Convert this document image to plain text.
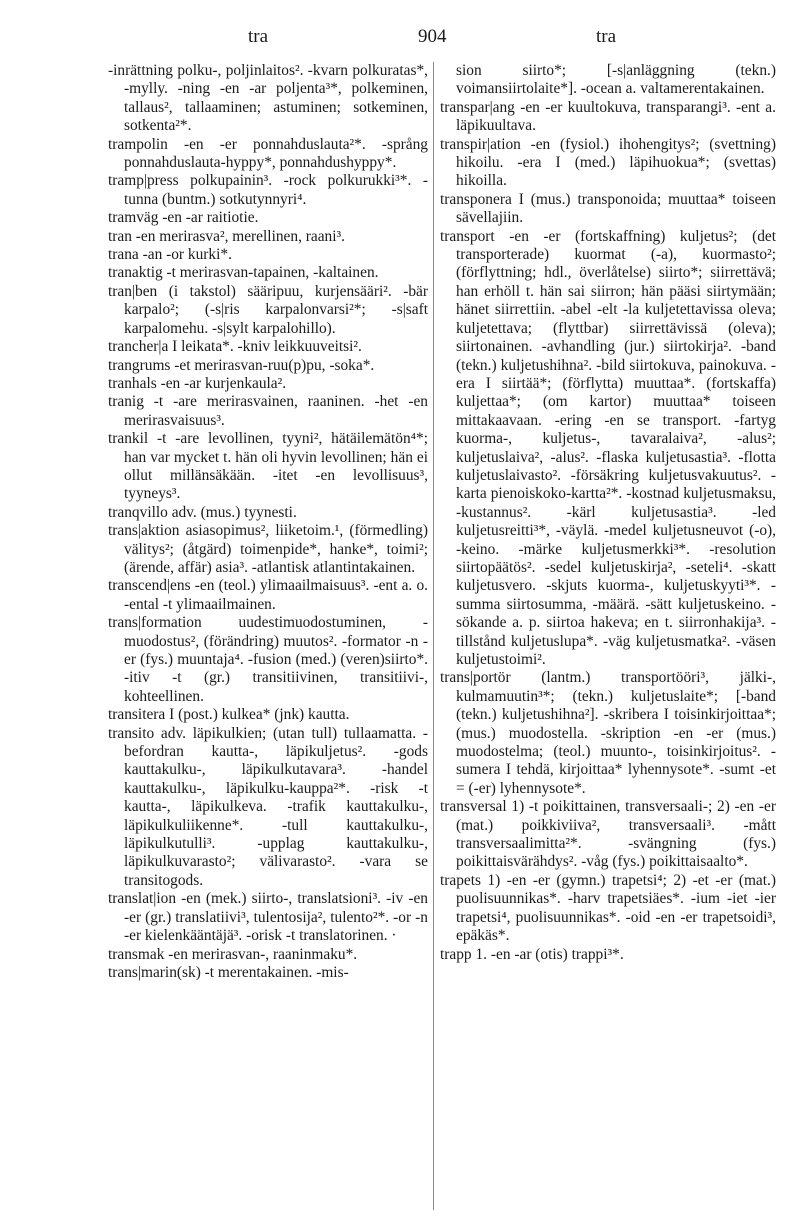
tra	904	tra

-inrättning polku-, poljinlaitos². -kvarn polkuratas*, -mylly. -ning -en -ar poljenta³*, polkeminen, tallaus², tallaaminen; astuminen; sotkeminen, sotkenta²*.

trampolin -en -er ponnahduslauta²*. -språng ponnahduslauta-hyppy*, ponnahdushyppy*.

tramp|press polkupainin³. -rock polkurukki³*. -tunna (buntm.) sotkutynnyri⁴.

tramväg -en -ar raitiotie.

tran -en merirasva², merellinen, raani³.

trana -an -or kurki*.

tranaktig -t merirasvan-tapainen, -kaltainen.

tran|ben (i takstol) sääripuu, kurjensääri². -bär karpalo²; (-s|ris karpalonvarsi²*; -s|saft karpalomehu. -s|sylt karpalohillo).

trancher|a I leikata*. -kniv leikkuuveitsi².

trangrums -et merirasvan-ruu(p)pu, -soka*.

tranhals -en -ar kurjenkaula².

tranig -t -are merirasvainen, raaninen. -het -en merirasvaisuus³.

trankil -t -are levollinen, tyyni², hätäilemätön⁴*; han var mycket t. hän oli hyvin levollinen; hän ei ollut millänsäkään. -itet -en levollisuus³, tyyneys³.

tranqvillo adv. (mus.) tyynesti.

trans|aktion asiasopimus², liiketoim.¹, (förmedling) välitys²; (åtgärd) toimenpide*, hanke*, toimi²; (ärende, affär) asia³. -atlantisk atlantintakainen.

transcend|ens -en (teol.) ylimaailmaisuus³. -ent a. o. -ental -t ylimaailmainen.

trans|formation uudestimuodostuminen, -muodostus², (förändring) muutos². -formator -n -er (fys.) muuntaja⁴. -fusion (med.) (veren)siirto*. -itiv -t (gr.) transitiivinen, transitiivi-, kohteellinen.

transitera I (post.) kulkea* (jnk) kautta.

transito adv. läpikulkien; (utan tull) tullaamatta. -befordran kautta-, läpikuljetus². -gods kauttakulku-, läpikulkutavara³. -handel kauttakulku-, läpikulku-kauppa²*. -risk -t kautta-, läpikulkeva. -trafik kauttakulku-, läpikulkuliikenne*. -tull kauttakulku-, läpikulkutulli³. -upplag kauttakulku-, läpikulkuvarasto²; välivarasto². -vara se transitogods.

translat|ion -en (mek.) siirto-, translatsioni³. -iv -en -er (gr.) translatiivi³, tulentosija², tulento²*. -or -n -er kielenkääntäjä³. -orisk -t translatorinen. ·

transmak -en merirasvan-, raaninmaku*.

trans|marin(sk) -t merentakainen. -mis-

sion siirto*; [-s|anläggning (tekn.) voimansiirtolaite*]. -ocean a. valtamerentakainen.

transpar|ang -en -er kuultokuva, transparangi³. -ent a. läpikuultava.

transpir|ation -en (fysiol.) ihohengitys²; (svettning) hikoilu. -era I (med.) läpihuokua*; (svettas) hikoilla.

transponera I (mus.) transponoida; muuttaa* toiseen sävellajiin.

transport -en -er (fortskaffning) kuljetus²; (det transporterade) kuormat (-a), kuormasto²; (förflyttning; hdl., överlåtelse) siirto*; siirrettävä; han erhöll t. hän sai siirron; hän pääsi siirtymään; hänet siirrettiin. -abel -elt -la kuljetettavissa oleva; kuljetettava; (flyttbar) siirrettävissä (oleva); siirtonainen. -avhandling (jur.) siirtokirja². -band (tekn.) kuljetushihna². -bild siirtokuva, painokuva. -era I siirtää*; (förflytta) muuttaa*. (fortskaffa) kuljettaa*; (om kartor) muuttaa* toiseen mittakaavaan. -ering -en se transport. -fartyg kuorma-, kuljetus-, tavaralaiva², -alus²; kuljetuslaiva², -alus². -flaska kuljetusastia³. -flotta kuljetuslaivasto². -försäkring kuljetusvakuutus². -karta pienoiskoko-kartta²*. -kostnad kuljetusmaksu, -kustannus². -kärl kuljetusastia³. -led kuljetusreitti³*, -väylä. -medel kuljetusneuvot (-o), -keino. -märke kuljetusmerkki³*. -resolution siirtopäätös². -sedel kuljetuskirja², -seteli⁴. -skatt kuljetusvero. -skjuts kuorma-, kuljetuskyyti³*. -summa siirtosumma, -määrä. -sätt kuljetuskeino. -sökande a. p. siirtoa hakeva; en t. siirronhakija³. -tillstånd kuljetuslupa*. -väg kuljetusmatka². -väsen kuljetustoimi².

trans|portör (lantm.) transportööri³, jälki-, kulmamuutin³*; (tekn.) kuljetuslaite*; [-band (tekn.) kuljetushihna²]. -skribera I toisinkirjoittaa*; (mus.) muodostella. -skription -en -er (mus.) muodostelma; (teol.) muunto-, toisinkirjoitus². -sumera I tehdä, kirjoittaa* lyhennysote*. -sumt -et = (-er) lyhennysote*.

transversal 1) -t poikittainen, transversaali-; 2) -en -er (mat.) poikkiviiva², transversaali³. -mått transversaalimitta²*. -svängning (fys.) poikittaisvärähdys². -våg (fys.) poikittaisaalto*.

trapets 1) -en -er (gymn.) trapetsi⁴; 2) -et -er (mat.) puolisuunnikas*. -harv trapetsiäes*. -ium -iet -ier trapetsi⁴, puolisuunnikas*. -oid -en -er trapetsoidi³, epäkäs*.

trapp 1. -en -ar (otis) trappi³*.
